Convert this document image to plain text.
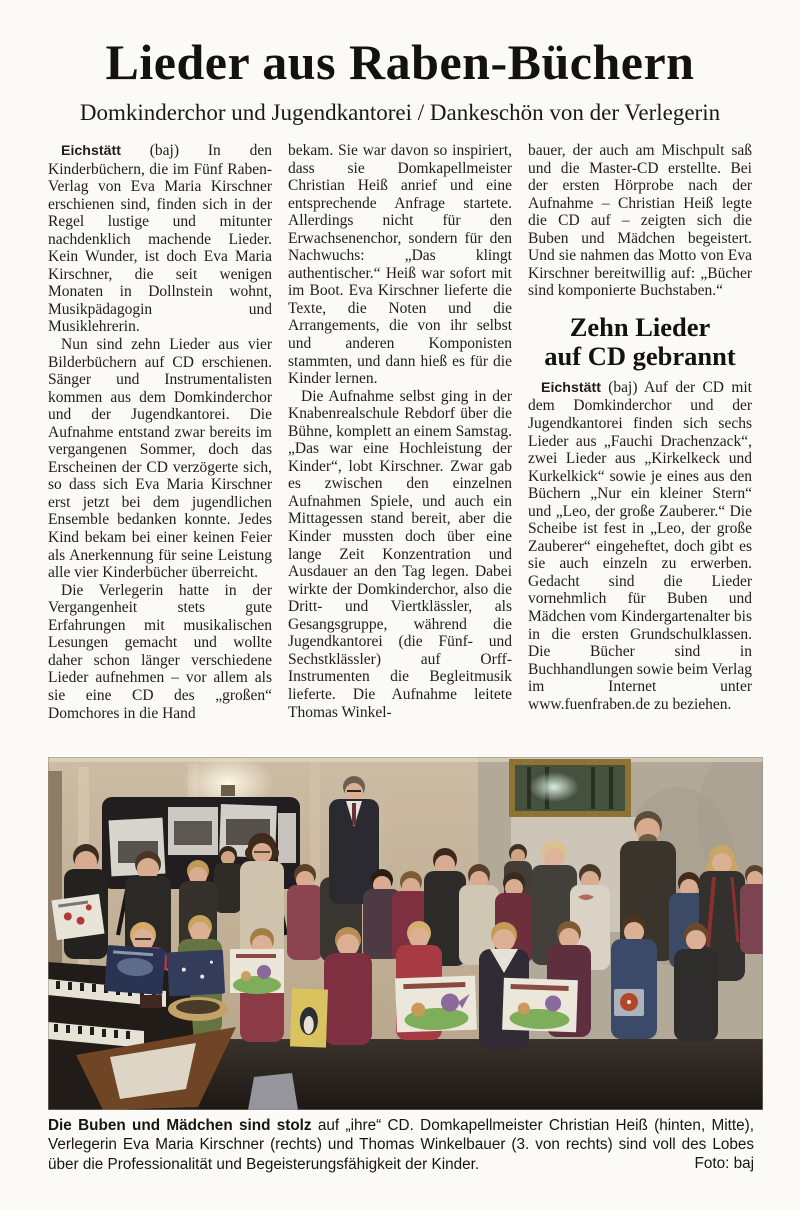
Lieder aus Raben-Büchern
Domkinderchor und Jugendkantorei / Dankeschön von der Verlegerin

Eichstätt (baj) In den Kinderbüchern, die im Fünf Raben-Verlag von Eva Maria Kirschner erschienen sind, finden sich in der Regel lustige und mitunter nachdenklich machende Lieder. Kein Wunder, ist doch Eva Maria Kirschner, die seit wenigen Monaten in Dollnstein wohnt, Musikpädagogin und Musiklehrerin.

Nun sind zehn Lieder aus vier Bilderbüchern auf CD erschienen. Sänger und Instrumentalisten kommen aus dem Domkinderchor und der Jugendkantorei. Die Aufnahme entstand zwar bereits im vergangenen Sommer, doch das Erscheinen der CD verzögerte sich, so dass sich Eva Maria Kirschner erst jetzt bei dem jugendlichen Ensemble bedanken konnte. Jedes Kind bekam bei einer keinen Feier als Anerkennung für seine Leistung alle vier Kinderbücher überreicht.

Die Verlegerin hatte in der Vergangenheit stets gute Erfahrungen mit musikalischen Lesungen gemacht und wollte daher schon länger verschiedene Lieder aufnehmen – vor allem als sie eine CD des „großen“ Domchores in die Hand

bekam. Sie war davon so inspiriert, dass sie Domkapellmeister Christian Heiß anrief und eine entsprechende Anfrage startete. Allerdings nicht für den Erwachsenenchor, sondern für den Nachwuchs: „Das klingt authentischer.“ Heiß war sofort mit im Boot. Eva Kirschner lieferte die Texte, die Noten und die Arrangements, die von ihr selbst und anderen Komponisten stammten, und dann hieß es für die Kinder lernen.

Die Aufnahme selbst ging in der Knabenrealschule Rebdorf über die Bühne, komplett an einem Samstag. „Das war eine Hochleistung der Kinder“, lobt Kirschner. Zwar gab es zwischen den einzelnen Aufnahmen Spiele, und auch ein Mittagessen stand bereit, aber die Kinder mussten doch über eine lange Zeit Konzentration und Ausdauer an den Tag legen. Dabei wirkte der Domkinderchor, also die Dritt- und Viertklässler, als Gesangsgruppe, während die Jugendkantorei (die Fünf- und Sechstklässler) auf Orff-Instrumenten die Begleitmusik lieferte. Die Aufnahme leitete Thomas Winkel-

bauer, der auch am Mischpult saß und die Master-CD erstellte. Bei der ersten Hörprobe nach der Aufnahme – Christian Heiß legte die CD auf – zeigten sich die Buben und Mädchen begeistert. Und sie nahmen das Motto von Eva Kirschner bereitwillig auf: „Bücher sind komponierte Buchstaben.“

Zehn Lieder
auf CD gebrannt

Eichstätt (baj) Auf der CD mit dem Domkinderchor und der Jugendkantorei finden sich sechs Lieder aus „Fauchi Drachenzack“, zwei Lieder aus „Kirkelkeck und Kurkelkick“ sowie je eines aus den Büchern „Nur ein kleiner Stern“ und „Leo, der große Zauberer.“ Die Scheibe ist fest in „Leo, der große Zauberer“ eingeheftet, doch gibt es sie auch einzeln zu erwerben. Gedacht sind die Lieder vornehmlich für Buben und Mädchen vom Kindergartenalter bis in die ersten Grundschulklassen. Die Bücher sind in Buchhandlungen sowie beim Verlag im Internet unter www.fuenfraben.de zu beziehen.

Die Buben und Mädchen sind stolz auf „ihre“ CD. Domkapellmeister Christian Heiß (hinten, Mitte), Verlegerin Eva Maria Kirschner (rechts) und Thomas Winkelbauer (3. von rechts) sind voll des Lobes über die Professionalität und Begeisterungsfähigkeit der Kinder.	Foto: baj
